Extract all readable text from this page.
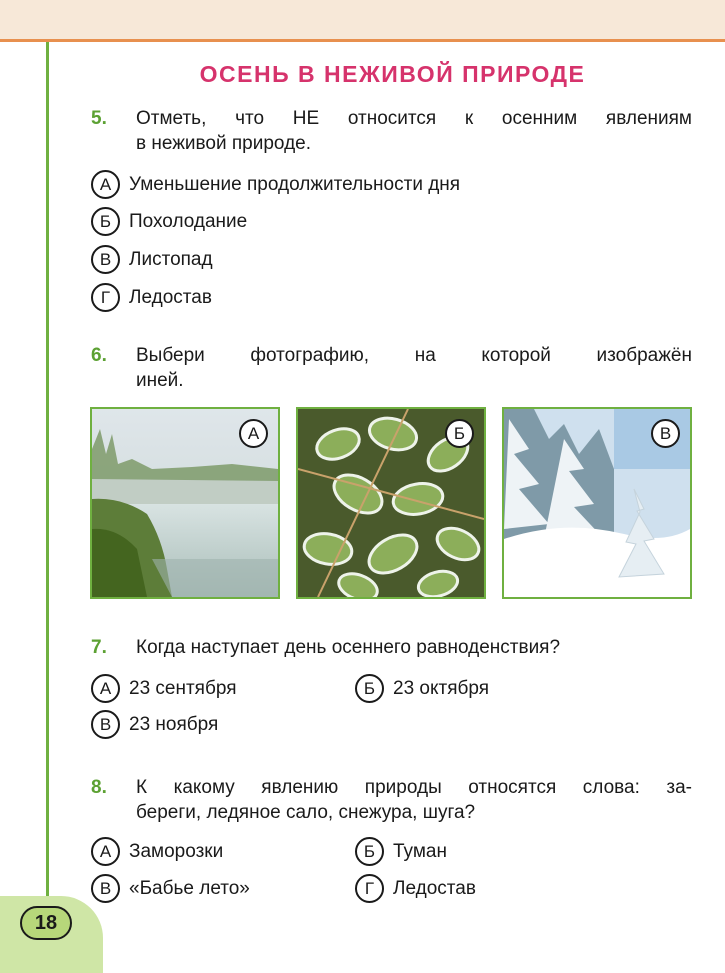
18
ОСЕНЬ В НЕЖИВОЙ ПРИРОДЕ
5. Отметь, что НЕ относится к осенним явлениям
в неживой природе.
А Уменьшение продолжительности дня
Б Похолодание
В Листопад
Г Ледостав
6. Выбери фотографию, на которой изображён
иней.
А	Б	В
7. Когда наступает день осеннего равноденствия?
А 23 сентября	Б 23 октября
В 23 ноября
8. К какому явлению природы относятся слова: за-
береги, ледяное сало, снежура, шуга?
А Заморозки	Б Туман
В «Бабье лето»	Г Ледостав
